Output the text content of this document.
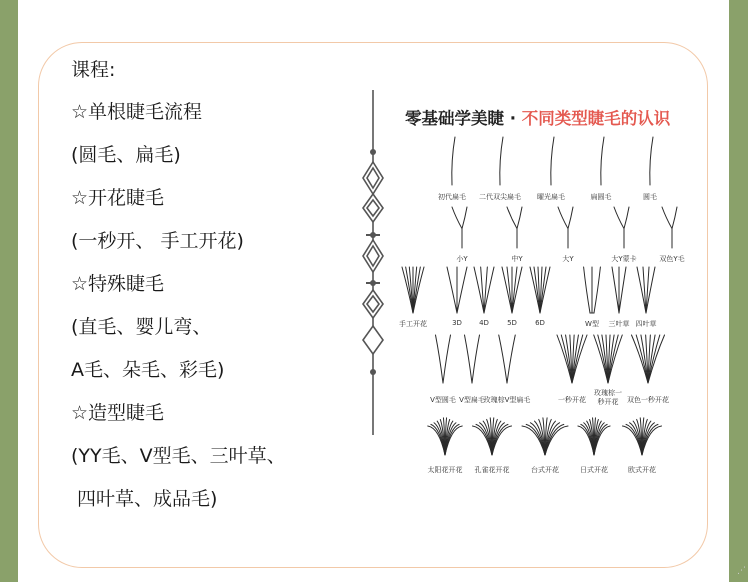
课程:
☆单根睫毛流程
(圆毛、扁毛)
☆开花睫毛
(一秒开、 手工开花)
☆特殊睫毛
(直毛、婴儿弯、
A毛、朵毛、彩毛)
☆造型睫毛
(YY毛、V型毛、三叶草、
四叶草、成品毛)
零基础学美睫 · 不同类型睫毛的认识
初代扁毛 二代双尖扁毛 曜光扁毛	扁圆毛	圆毛
小Y	中Y	大Y	大Y蒙卡	双色Y毛
手工开花	3D 4D	5D	6D	W型 三叶草 四叶草
V型圆毛 V型扁毛
玫瑰棕V型扁毛	一秒开花
玫瑰棕一秒开花	双色一秒开花
太阳花开花 孔雀花开花	台式开花	日式开花	欧式开花
⋰
